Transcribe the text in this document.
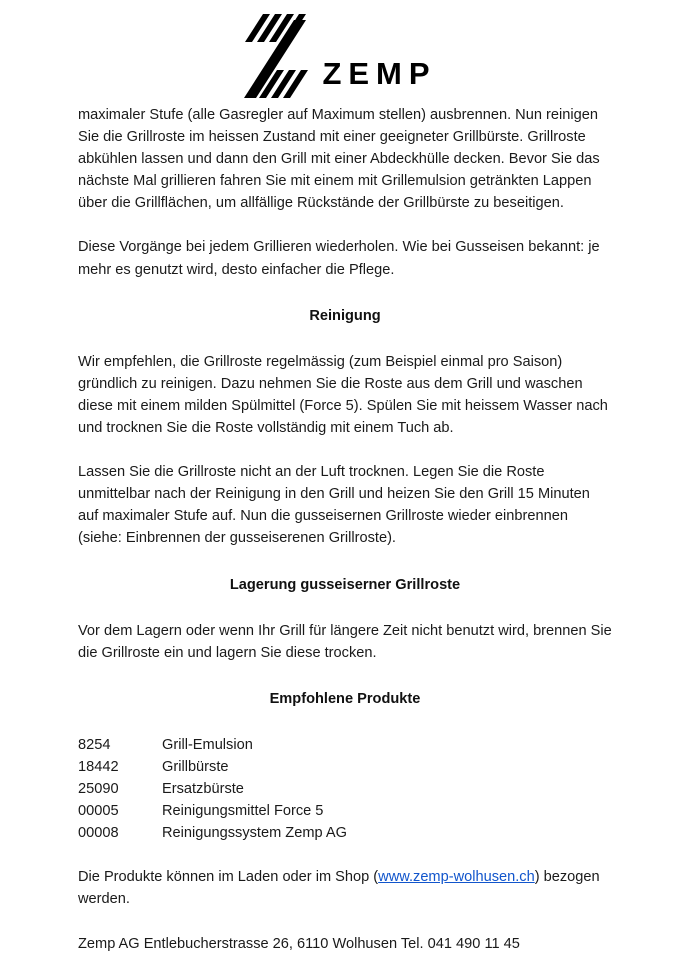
ZEMP

maximaler Stufe (alle Gasregler auf Maximum stellen) ausbrennen. Nun reinigen Sie die Grillroste im heissen Zustand mit einer geeigneter Grillbürste. Grillroste abkühlen lassen und dann den Grill mit einer Abdeckhülle decken. Bevor Sie das nächste Mal grillieren fahren Sie mit einem mit Grillemulsion getränkten Lappen über die Grillflächen, um allfällige Rückstände der Grillbürste zu beseitigen.

Diese Vorgänge bei jedem Grillieren wiederholen. Wie bei Gusseisen bekannt: je mehr es genutzt wird, desto einfacher die Pflege.

Reinigung

Wir empfehlen, die Grillroste regelmässig (zum Beispiel einmal pro Saison) gründlich zu reinigen. Dazu nehmen Sie die Roste aus dem Grill und waschen diese mit einem milden Spülmittel (Force 5). Spülen Sie mit heissem Wasser nach und trocknen Sie die Roste vollständig mit einem Tuch ab.

Lassen Sie die Grillroste nicht an der Luft trocknen. Legen Sie die Roste unmittelbar nach der Reinigung in den Grill und heizen Sie den Grill 15 Minuten auf maximaler Stufe auf. Nun die gusseisernen Grillroste wieder einbrennen (siehe: Einbrennen der gusseiserenen Grillroste).

Lagerung gusseiserner Grillroste

Vor dem Lagern oder wenn Ihr Grill für längere Zeit nicht benutzt wird, brennen Sie die Grillroste ein und lagern Sie diese trocken.

Empfohlene Produkte
8254	Grill-Emulsion
18442	Grillbürste
25090	Ersatzbürste
00005	Reinigungsmittel Force 5
00008	Reinigungssystem Zemp AG

Die Produkte können im Laden oder im Shop (www.zemp-wolhusen.ch) bezogen werden.

Zemp AG Entlebucherstrasse 26, 6110 Wolhusen Tel. 041 490 11 45
